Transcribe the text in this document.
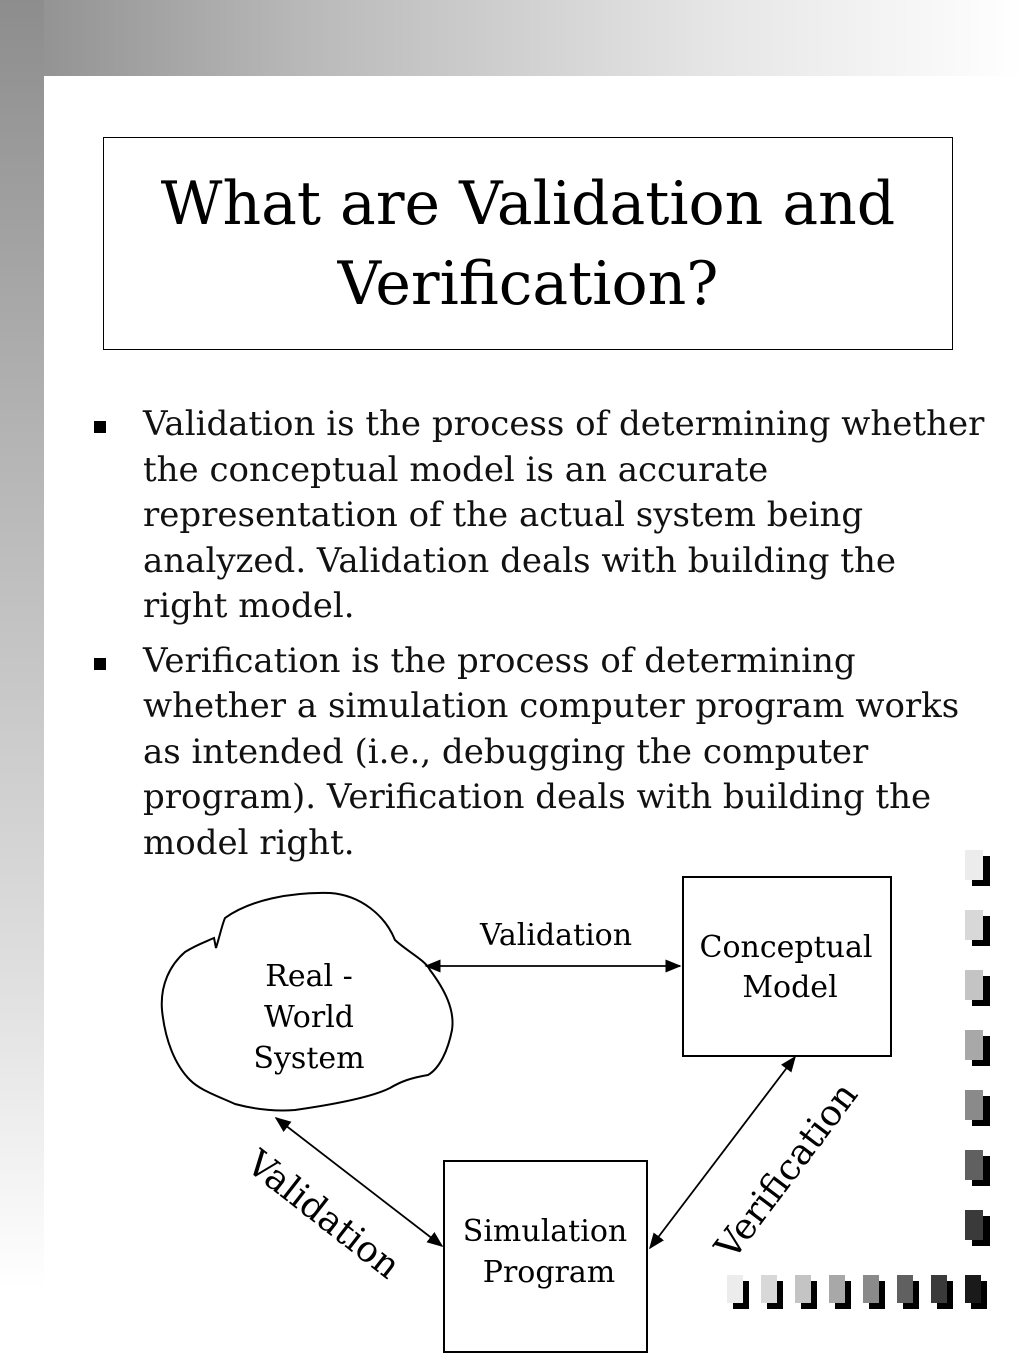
What are Validation and Verification?
Validation is the process of determining whether the conceptual model is an accurate representation of the actual system being analyzed. Validation deals with building the right model.
Verification is the process of determining whether a simulation computer program works as intended (i.e., debugging the computer program). Verification deals with building the model right.
Real -
World
System
Conceptual
Model
Simulation
Program
Validation
Validation	Verification
